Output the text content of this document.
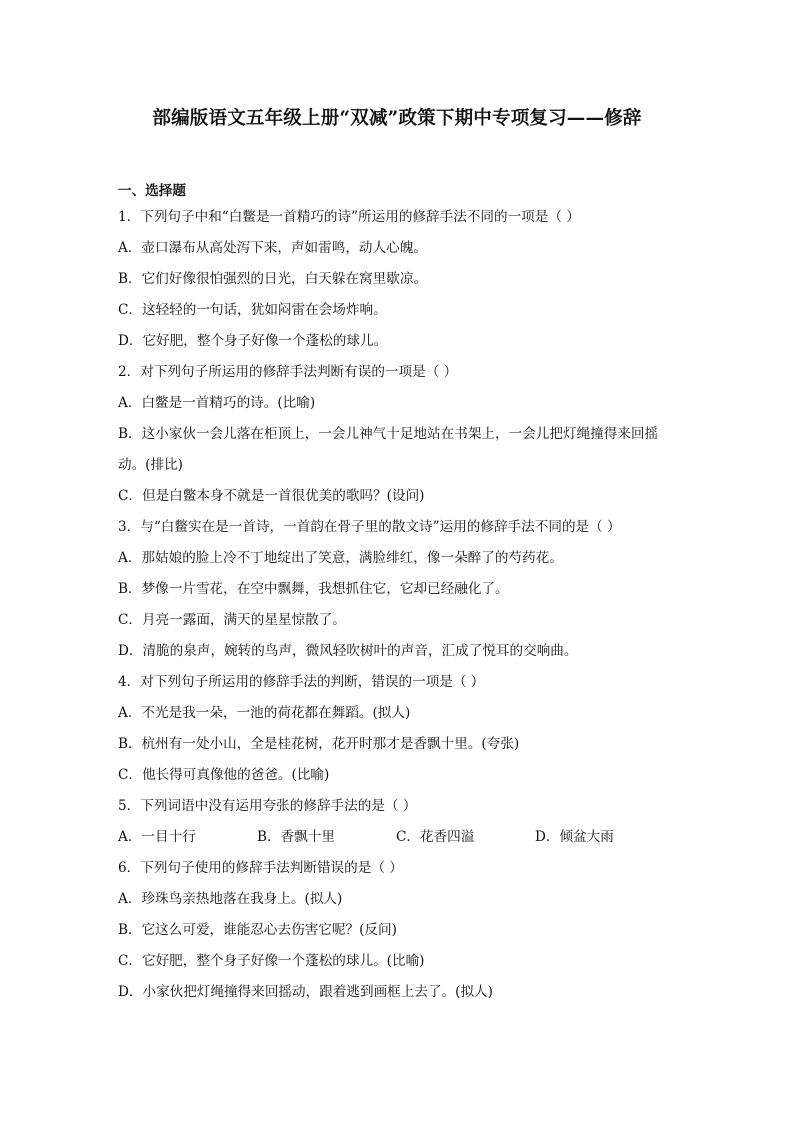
部编版语文五年级上册“双减”政策下期中专项复习——修辞
一、选择题
1．下列句子中和“白鳖是一首精巧的诗”所运用的修辞手法不同的一项是（ ）
A．壶口瀑布从高处泻下来，声如雷鸣，动人心魄。
B．它们好像很怕强烈的日光，白天躲在窝里歇凉。
C．这轻轻的一句话，犹如闷雷在会场炸响。
D．它好肥，整个身子好像一个蓬松的球儿。
2．对下列句子所运用的修辞手法判断有误的一项是（ ）
A．白鳖是一首精巧的诗。(比喻)
B．这小家伙一会儿落在柜顶上，一会儿神气十足地站在书架上，一会儿把灯绳撞得来回摇
动。(排比)
C．但是白鳖本身不就是一首很优美的歌吗？(设问)
3．与“白鳖实在是一首诗，一首韵在骨子里的散文诗”运用的修辞手法不同的是（ ）
A．那姑娘的脸上冷不丁地绽出了笑意，满脸绯红，像一朵醉了的芍药花。
B．梦像一片雪花，在空中飘舞，我想抓住它，它却已经融化了。
C．月亮一露面，满天的星星惊散了。
D．清脆的泉声，婉转的鸟声，微风轻吹树叶的声音，汇成了悦耳的交响曲。
4．对下列句子所运用的修辞手法的判断，错误的一项是（ ）
A．不光是我一朵，一池的荷花都在舞蹈。(拟人)
B．杭州有一处小山，全是桂花树，花开时那才是香飘十里。(夸张)
C．他长得可真像他的爸爸。(比喻)
5．下列词语中没有运用夸张的修辞手法的是（ ）
A．一目十行	B．香飘十里	C．花香四溢	D．倾盆大雨
6．下列句子使用的修辞手法判断错误的是（ ）
A．珍珠鸟亲热地落在我身上。(拟人)
B．它这么可爱，谁能忍心去伤害它呢？(反问)
C．它好肥，整个身子好像一个蓬松的球儿。(比喻)
D．小家伙把灯绳撞得来回摇动，跟着逃到画框上去了。(拟人)
